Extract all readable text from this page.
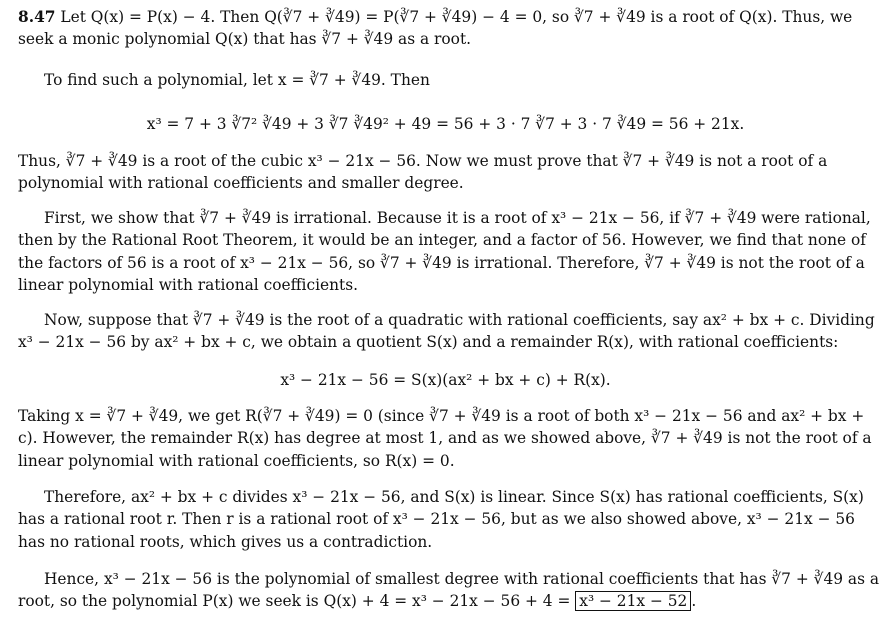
8.47 Let Q(x) = P(x) − 4. Then Q(∛7 + ∛49) = P(∛7 + ∛49) − 4 = 0, so ∛7 + ∛49 is a root of Q(x). Thus, we seek a monic polynomial Q(x) that has ∛7 + ∛49 as a root.

To find such a polynomial, let x = ∛7 + ∛49. Then

x³ = 7 + 3 ∛7² ∛49 + 3 ∛7 ∛49² + 49 = 56 + 3 · 7 ∛7 + 3 · 7 ∛49 = 56 + 21x.

Thus, ∛7 + ∛49 is a root of the cubic x³ − 21x − 56. Now we must prove that ∛7 + ∛49 is not a root of a polynomial with rational coefficients and smaller degree.

First, we show that ∛7 + ∛49 is irrational. Because it is a root of x³ − 21x − 56, if ∛7 + ∛49 were rational, then by the Rational Root Theorem, it would be an integer, and a factor of 56. However, we find that none of the factors of 56 is a root of x³ − 21x − 56, so ∛7 + ∛49 is irrational. Therefore, ∛7 + ∛49 is not the root of a linear polynomial with rational coefficients.

Now, suppose that ∛7 + ∛49 is the root of a quadratic with rational coefficients, say ax² + bx + c. Dividing x³ − 21x − 56 by ax² + bx + c, we obtain a quotient S(x) and a remainder R(x), with rational coefficients:

x³ − 21x − 56 = S(x)(ax² + bx + c) + R(x).

Taking x = ∛7 + ∛49, we get R(∛7 + ∛49) = 0 (since ∛7 + ∛49 is a root of both x³ − 21x − 56 and ax² + bx + c). However, the remainder R(x) has degree at most 1, and as we showed above, ∛7 + ∛49 is not the root of a linear polynomial with rational coefficients, so R(x) = 0.

Therefore, ax² + bx + c divides x³ − 21x − 56, and S(x) is linear. Since S(x) has rational coefficients, S(x) has a rational root r. Then r is a rational root of x³ − 21x − 56, but as we also showed above, x³ − 21x − 56 has no rational roots, which gives us a contradiction.

Hence, x³ − 21x − 56 is the polynomial of smallest degree with rational coefficients that has ∛7 + ∛49 as a root, so the polynomial P(x) we seek is Q(x) + 4 = x³ − 21x − 56 + 4 = x³ − 21x − 52 .
